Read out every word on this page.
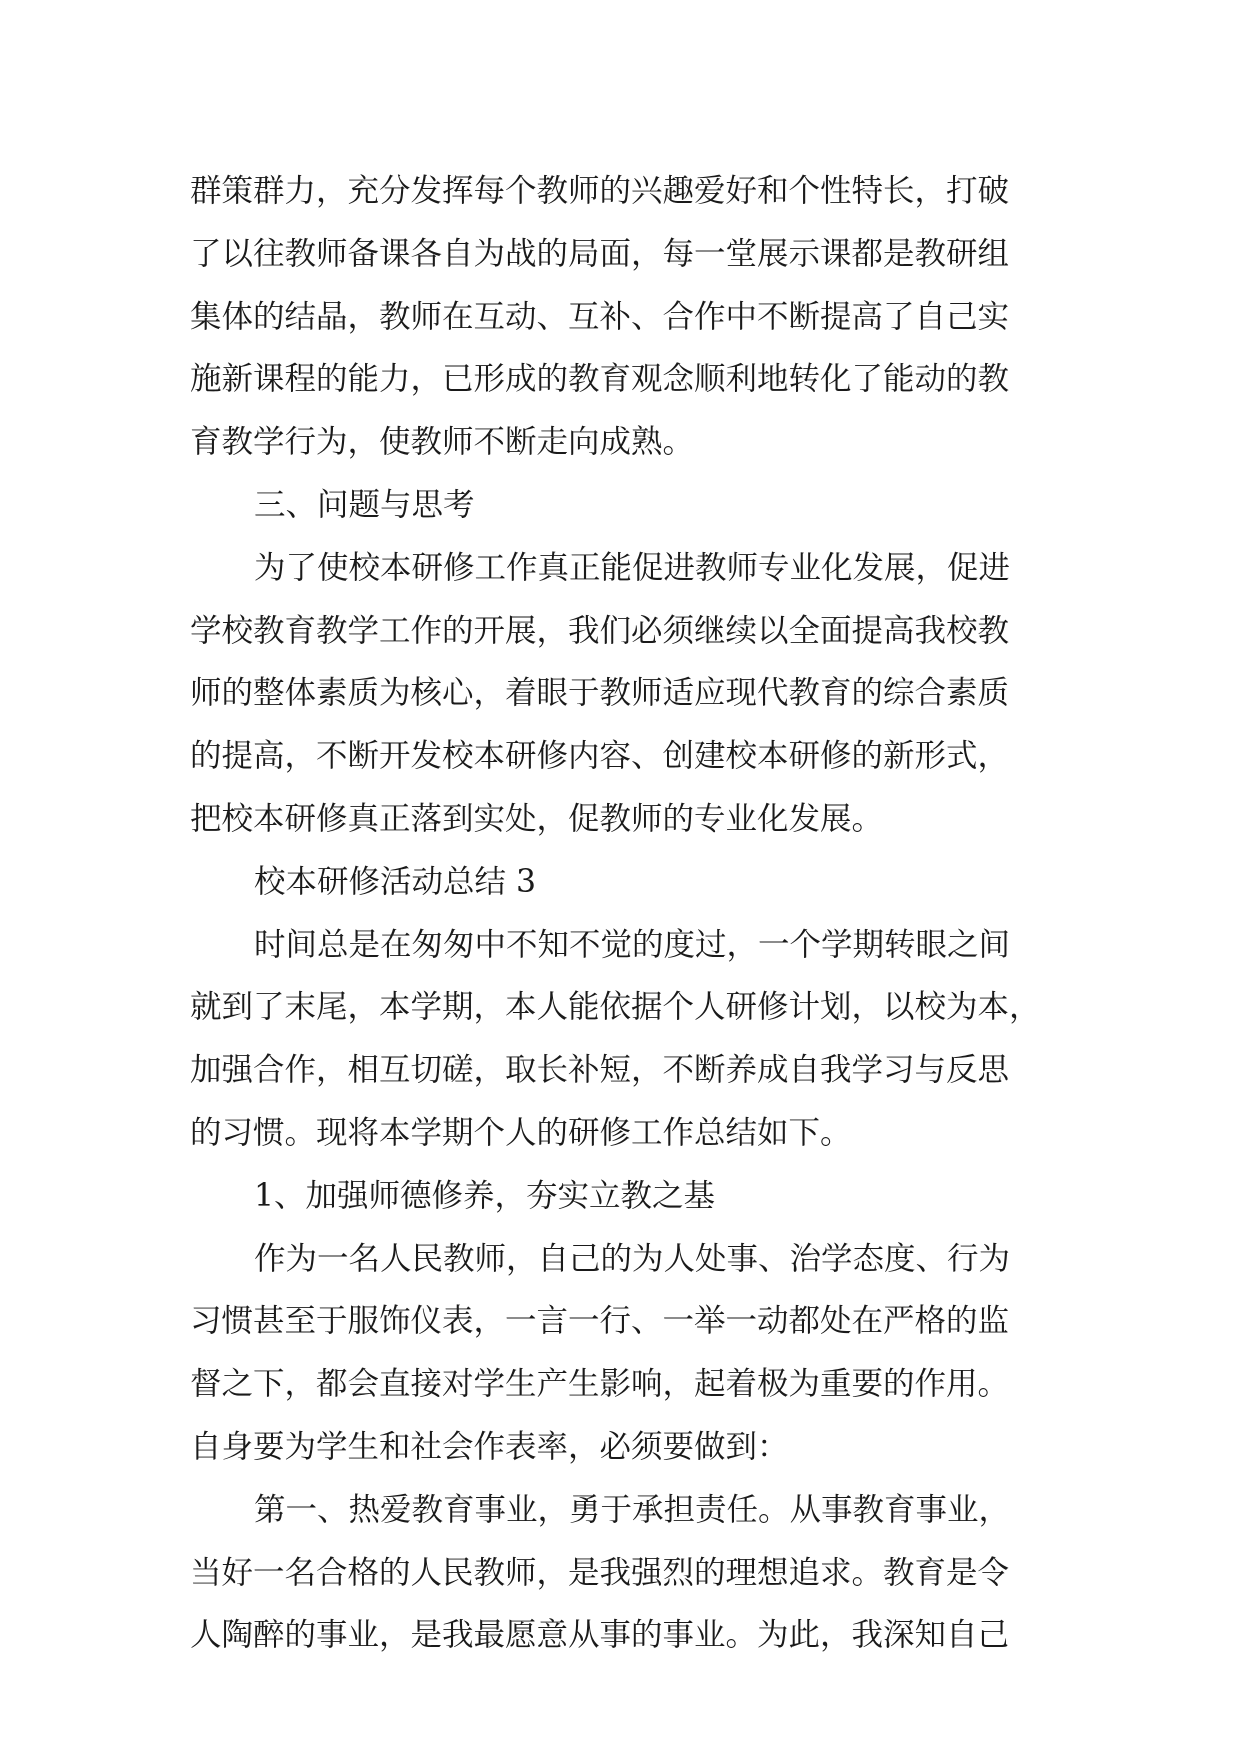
群策群力，充分发挥每个教师的兴趣爱好和个性特长，打破
了以往教师备课各自为战的局面，每一堂展示课都是教研组
集体的结晶，教师在互动、互补、合作中不断提高了自己实
施新课程的能力，已形成的教育观念顺利地转化了能动的教
育教学行为，使教师不断走向成熟。
三、问题与思考
为了使校本研修工作真正能促进教师专业化发展，促进
学校教育教学工作的开展，我们必须继续以全面提高我校教
师的整体素质为核心，着眼于教师适应现代教育的综合素质
的提高，不断开发校本研修内容、创建校本研修的新形式，
把校本研修真正落到实处，促教师的专业化发展。
校本研修活动总结 3
时间总是在匆匆中不知不觉的度过，一个学期转眼之间
就到了末尾，本学期，本人能依据个人研修计划，以校为本，
加强合作，相互切磋，取长补短，不断养成自我学习与反思
的习惯。现将本学期个人的研修工作总结如下。
1、加强师德修养，夯实立教之基
作为一名人民教师，自己的为人处事、治学态度、行为
习惯甚至于服饰仪表，一言一行、一举一动都处在严格的监
督之下，都会直接对学生产生影响，起着极为重要的作用。
自身要为学生和社会作表率，必须要做到：
第一、热爱教育事业，勇于承担责任。从事教育事业，
当好一名合格的人民教师，是我强烈的理想追求。教育是令
人陶醉的事业，是我最愿意从事的事业。为此，我深知自己
